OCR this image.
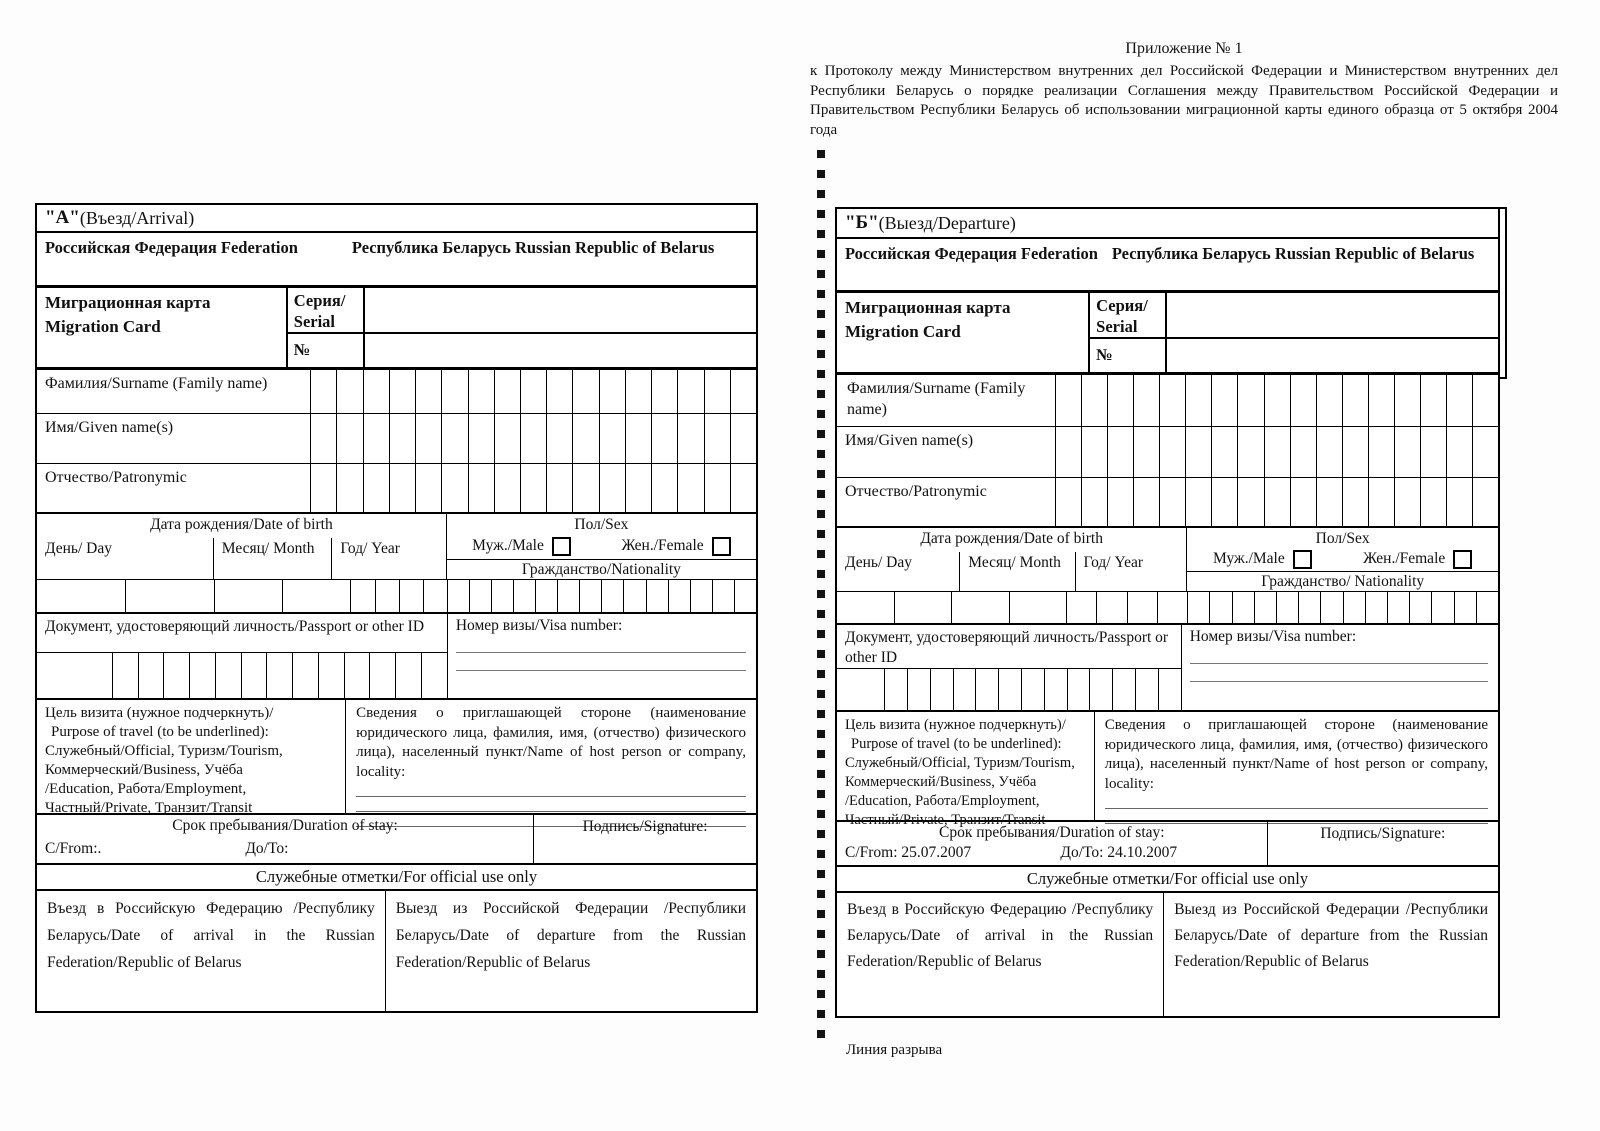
Приложение № 1
к Протоколу между Министерством внутренних дел Российской Федерации и Министерством внутренних дел Республики Беларусь о порядке реализации Соглашения между Правительством Российской Федерации и Правительством Республики Беларусь об использовании миграционной карты единого образца от 5 октября 2004 года
Линия разрыва
"А" (Въезд/Arrival)
Российская Федерация Federation	Республика Беларусь Russian Republic of Belarus
Миграционная карта Migration Card
Серия/ Serial
№
Фамилия/Surname (Family name)
Имя/Given name(s)
Отчество/Patronymic
Дата рождения/Date of birth
День/ Day	Месяц/ Month	Год/ Year
Пол/Sex
Муж./Male	Жен./Female
Гражданство/Nationality
Документ, удостоверяющий личность/Passport or other ID	Номер визы/Visa number:
Цель визита (нужное подчеркнуть)/
Purpose of travel (to be underlined):
Служебный/Official, Туризм/Tourism,
Коммерческий/Business, Учёба
/Education, Работа/Employment,
Частный/Private, Транзит/Transit
Сведения о приглашающей стороне (наименование юридического лица, фамилия, имя, (отчество) физического лица), населенный пункт/Name of host person or company, locality:
Срок пребывания/Duration of stay:
С/From:.	До/To:
Подпись/Signature:
Служебные отметки/For official use only
Въезд в Российскую Федерацию /Республику Беларусь/Date of arrival in the Russian Federation/Republic of Belarus
Выезд из Российской Федерации /Республики Беларусь/Date of departure from the Russian Federation/Republic of Belarus
"Б" (Выезд/Departure)
Российская Федерация Federation Республика Беларусь Russian Republic of Belarus
Миграционная карта Migration Card
Серия/ Serial
№
Фамилия/Surname (Family name)
Имя/Given name(s)
Отчество/Patronymic
Дата рождения/Date of birth
День/ Day	Месяц/ Month	Год/ Year
Пол/Sex
Муж./Male	Жен./Female
Гражданство/ Nationality
Документ, удостоверяющий личность/Passport or other ID
Номер визы/Visa number:
Цель визита (нужное подчеркнуть)/
Purpose of travel (to be underlined):
Служебный/Official, Туризм/Tourism,
Коммерческий/Business, Учёба
/Education, Работа/Employment,
Частный/Private, Транзит/Transit
Сведения о приглашающей стороне (наименование юридического лица, фамилия, имя, (отчество) физического лица), населенный пункт/Name of host person or company, locality:
Срок пребывания/Duration of stay:
С/From: 25.07.2007	До/To: 24.10.2007
Подпись/Signature:
Служебные отметки/For official use only
Въезд в Российскую Федерацию /Республику Беларусь/Date of arrival in the Russian Federation/Republic of Belarus
Выезд из Российской Федерации /Республики Беларусь/Date of departure from the Russian Federation/Republic of Belarus
